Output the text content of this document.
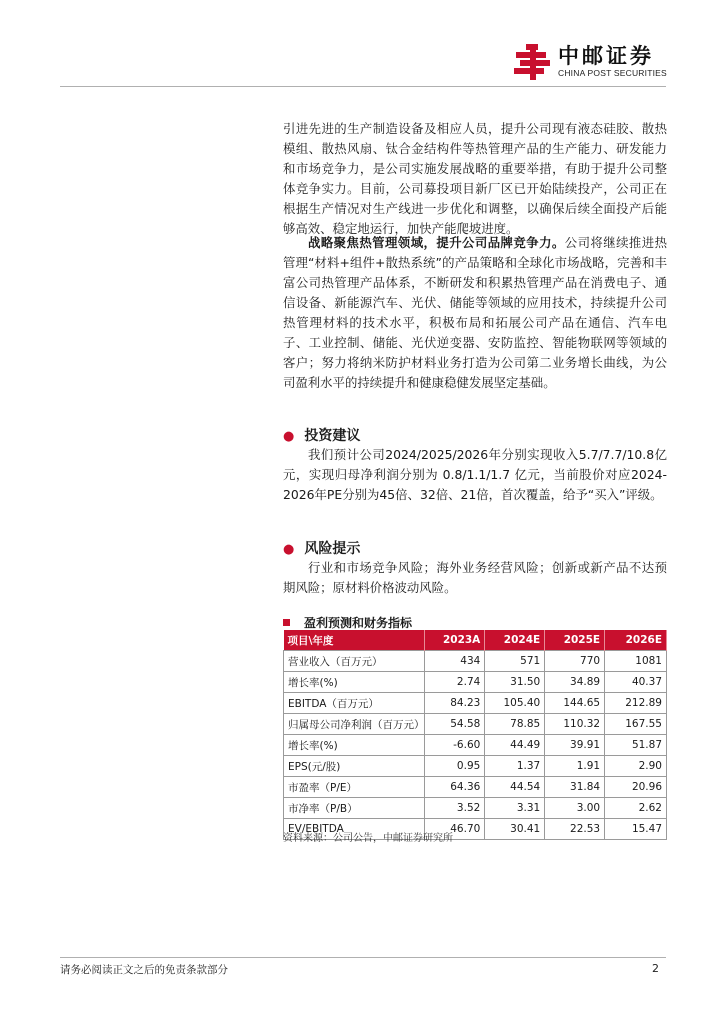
中邮证券
CHINA POST SECURITIES

引进先进的生产制造设备及相应人员，提升公司现有液态硅胶、散热模组、散热风扇、钛合金结构件等热管理产品的生产能力、研发能力和市场竞争力，是公司实施发展战略的重要举措，有助于提升公司整体竞争实力。目前，公司募投项目新厂区已开始陆续投产，公司正在根据生产情况对生产线进一步优化和调整，以确保后续全面投产后能够高效、稳定地运行，加快产能爬坡进度。

战略聚焦热管理领域，提升公司品牌竞争力。公司将继续推进热管理“材料+组件+散热系统”的产品策略和全球化市场战略，完善和丰富公司热管理产品体系，不断研发和积累热管理产品在消费电子、通信设备、新能源汽车、光伏、储能等领域的应用技术，持续提升公司热管理材料的技术水平，积极布局和拓展公司产品在通信、汽车电子、工业控制、储能、光伏逆变器、安防监控、智能物联网等领域的客户；努力将纳米防护材料业务打造为公司第二业务增长曲线，为公司盈利水平的持续提升和健康稳健发展坚定基础。

● 投资建议

我们预计公司2024/2025/2026年分别实现收入5.7/7.7/10.8亿元，实现归母净利润分别为 0.8/1.1/1.7 亿元，当前股价对应2024-2026年PE分别为45倍、32倍、21倍，首次覆盖，给予“买入”评级。

● 风险提示

行业和市场竞争风险；海外业务经营风险；创新或新产品不达预期风险；原材料价格波动风险。

盈利预测和财务指标
项目\年度	2023A	2024E	2025E	2026E
营业收入（百万元）	434	571	770	1081
增长率(%)	2.74	31.50	34.89	40.37
EBITDA（百万元）	84.23	105.40	144.65	212.89
归属母公司净利润（百万元）	54.58	78.85	110.32	167.55
增长率(%)	-6.60	44.49	39.91	51.87
EPS(元/股)	0.95	1.37	1.91	2.90
市盈率（P/E）	64.36	44.54	31.84	20.96
市净率（P/B）	3.52	3.31	3.00	2.62
EV/EBITDA	46.70	30.41	22.53	15.47
资料来源：公司公告，中邮证券研究所
请务必阅读正文之后的免责条款部分	2
